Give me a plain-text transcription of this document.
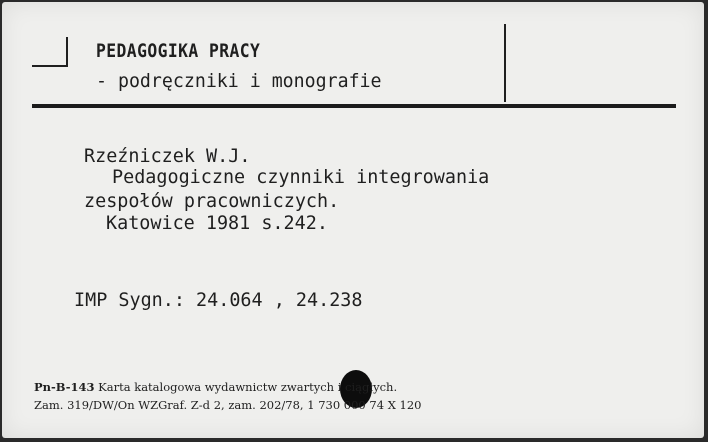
PEDAGOGIKA PRACY
- podręczniki i monografie
Rzeźniczek W.J.
Pedagogiczne czynniki integrowania
zespołów pracowniczych.
Katowice 1981 s.242.
IMP Sygn.: 24.064 , 24.238
Pn-B-143 Karta katalogowa wydawnictw zwartych i ciągłych.
Zam. 319/DW/On WZGraf. Z-d 2, zam. 202/78, 1 730 000 74 X 120
